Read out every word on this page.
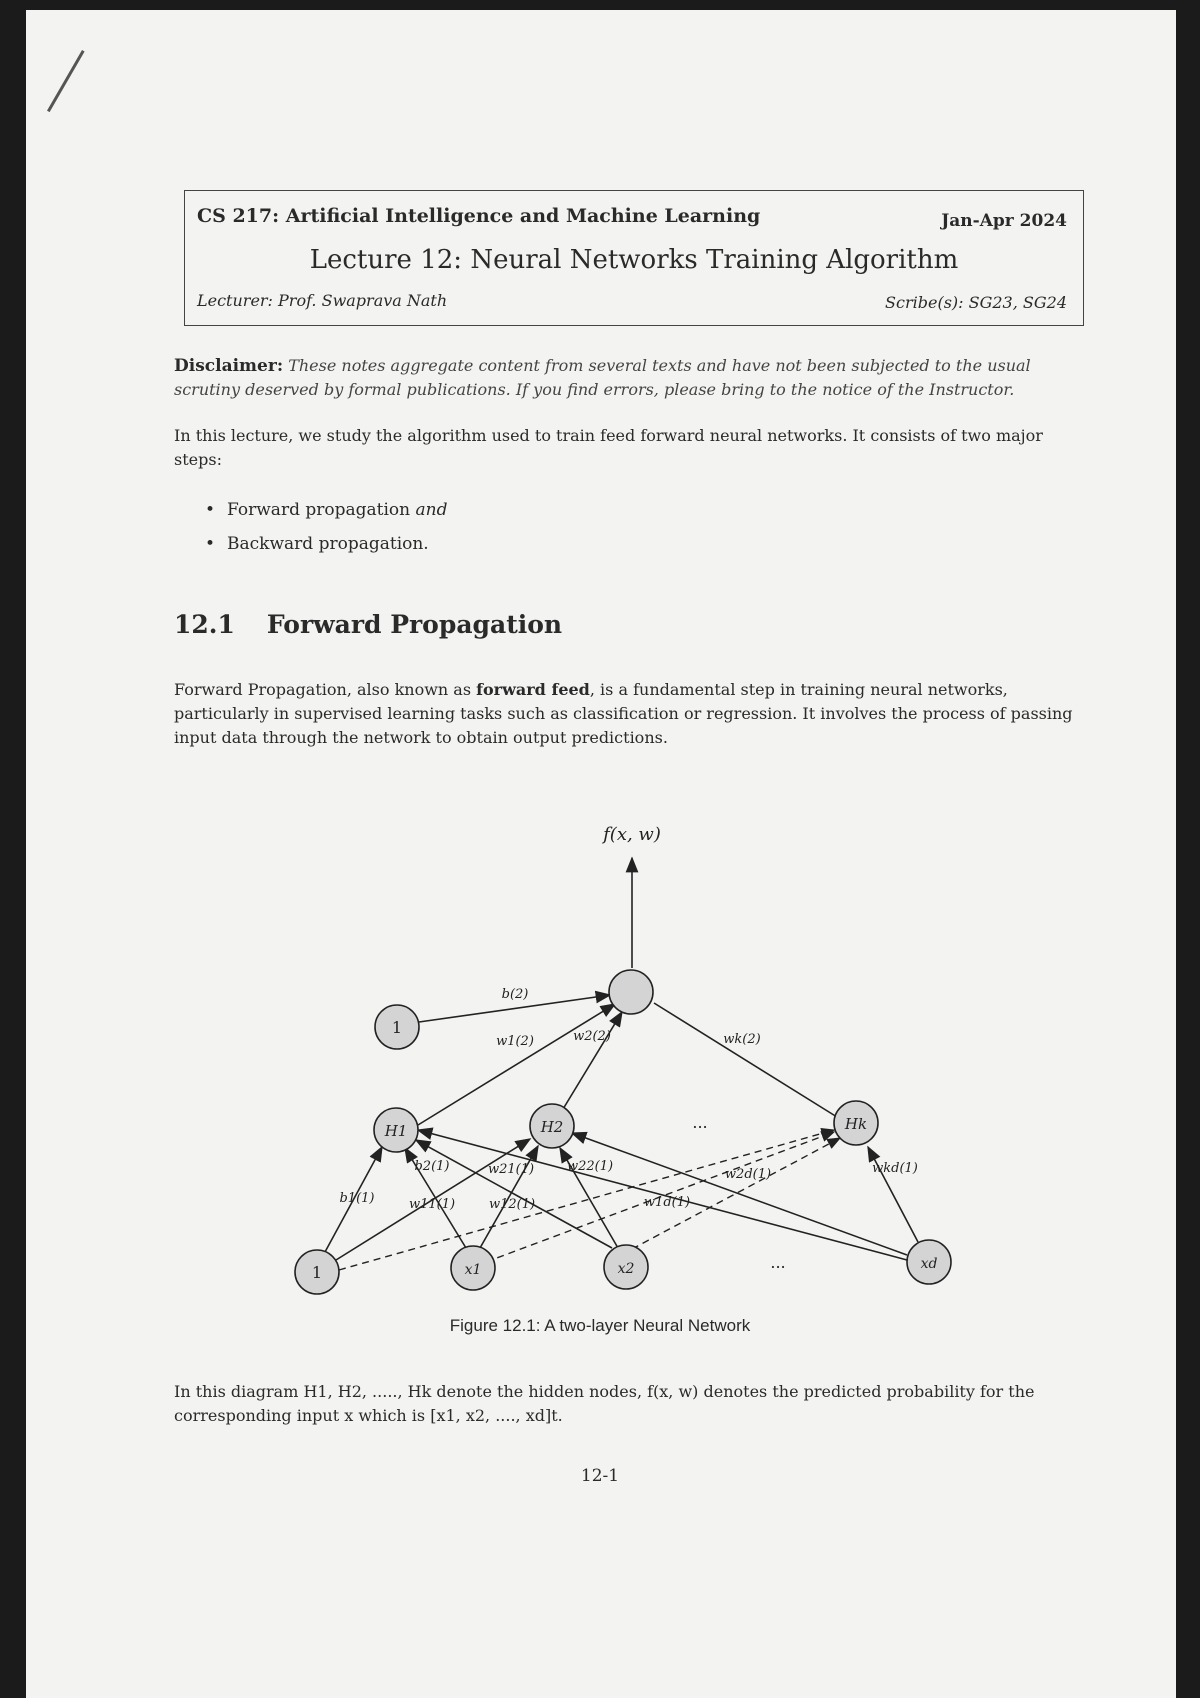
CS 217: Artificial Intelligence and Machine Learning	Jan-Apr 2024
Lecture 12: Neural Networks Training Algorithm
Lecturer: Prof. Swaprava Nath	Scribe(s): SG23, SG24
Disclaimer: These notes aggregate content from several texts and have not been subjected to the usual scrutiny deserved by formal publications. If you find errors, please bring to the notice of the Instructor.
In this lecture, we study the algorithm used to train feed forward neural networks. It consists of two major steps:
• Forward propagation and
• Backward propagation.
12.1 Forward Propagation
Forward Propagation, also known as forward feed, is a fundamental step in training neural networks, particularly in supervised learning tasks such as classification or regression. It involves the process of passing input data through the network to obtain output predictions.
f(x, w)
1
H1	H2	Hk
1	x1	x2	xd
...
...
b(2)
w1(2)	w2(2)	wk(2)
b1(1)
b2(1)
w11(1)
w21(1)
w12(1)
w22(1)
w1d(1)
w2d(1)	wkd(1)
Figure 12.1: A two-layer Neural Network
In this diagram H1, H2, ....., Hk denote the hidden nodes, f(x, w) denotes the predicted probability for the corresponding input x which is [x1, x2, ...., xd]t.
12-1
